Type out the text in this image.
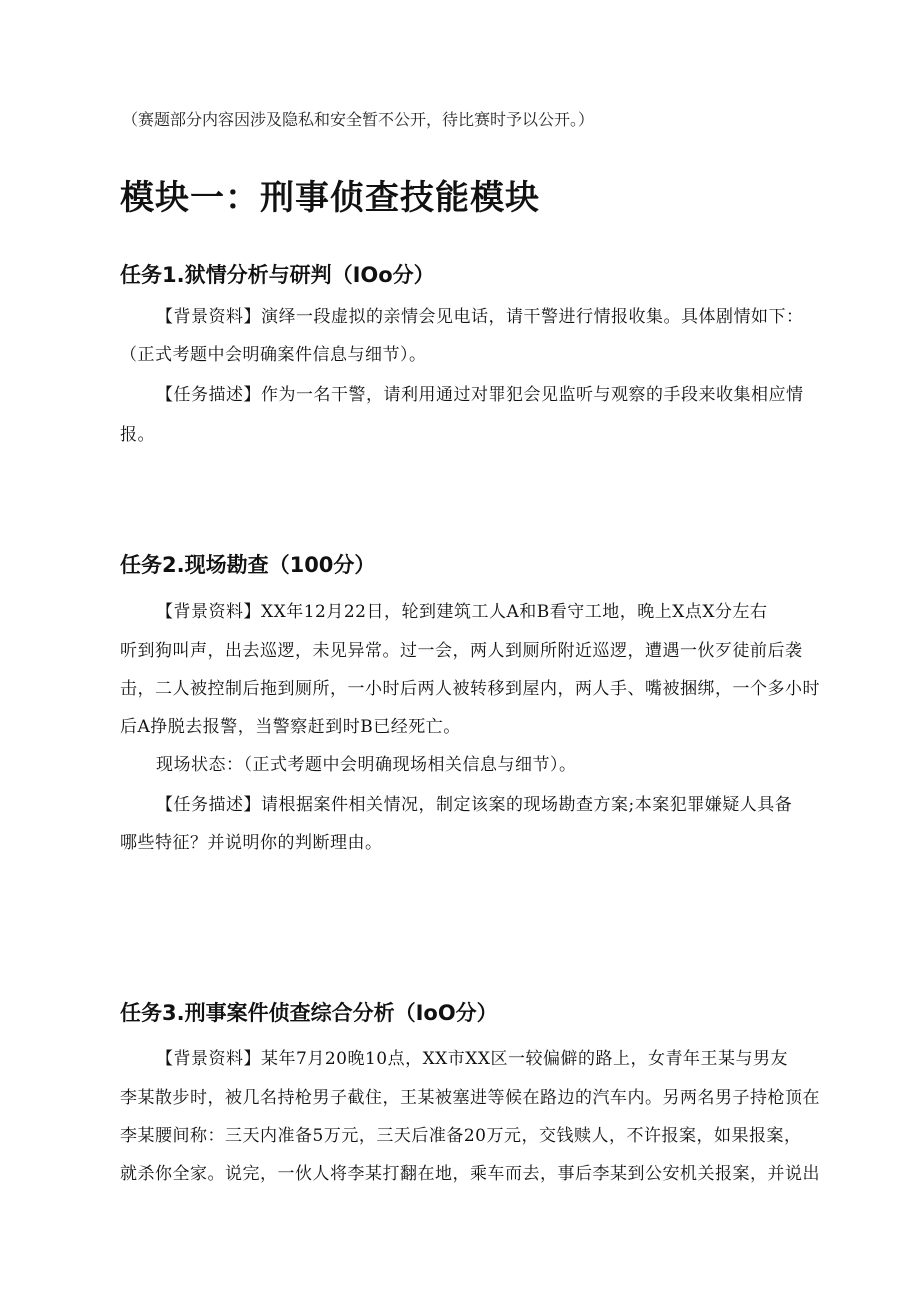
（赛题部分内容因涉及隐私和安全暂不公开，待比赛时予以公开。）

模块一：刑事侦查技能模块
任务1.狱情分析与研判（IOo分）

【背景资料】演绎一段虚拟的亲情会见电话，请干警进行情报收集。具体剧情如下：

（正式考题中会明确案件信息与细节）。

【任务描述】作为一名干警，请利用通过对罪犯会见监听与观察的手段来收集相应情

报。

任务2.现场勘查（100分）

【背景资料】XX年12月22日，轮到建筑工人A和B看守工地，晚上X点X分左右

听到狗叫声，出去巡逻，未见异常。过一会，两人到厕所附近巡逻，遭遇一伙歹徒前后袭

击，二人被控制后拖到厕所，一小时后两人被转移到屋内，两人手、嘴被捆绑，一个多小时

后A挣脱去报警，当警察赶到时B已经死亡。

现场状态：（正式考题中会明确现场相关信息与细节）。

【任务描述】请根据案件相关情况，制定该案的现场勘查方案;本案犯罪嫌疑人具备

哪些特征？并说明你的判断理由。

任务3.刑事案件侦查综合分析（IoO分）

【背景资料】某年7月20晚10点，XX市XX区一较偏僻的路上，女青年王某与男友

李某散步时，被几名持枪男子截住，王某被塞进等候在路边的汽车内。另两名男子持枪顶在

李某腰间称：三天内准备5万元，三天后准备20万元，交钱赎人，不许报案，如果报案，

就杀你全家。说完，一伙人将李某打翻在地，乘车而去，事后李某到公安机关报案，并说出
